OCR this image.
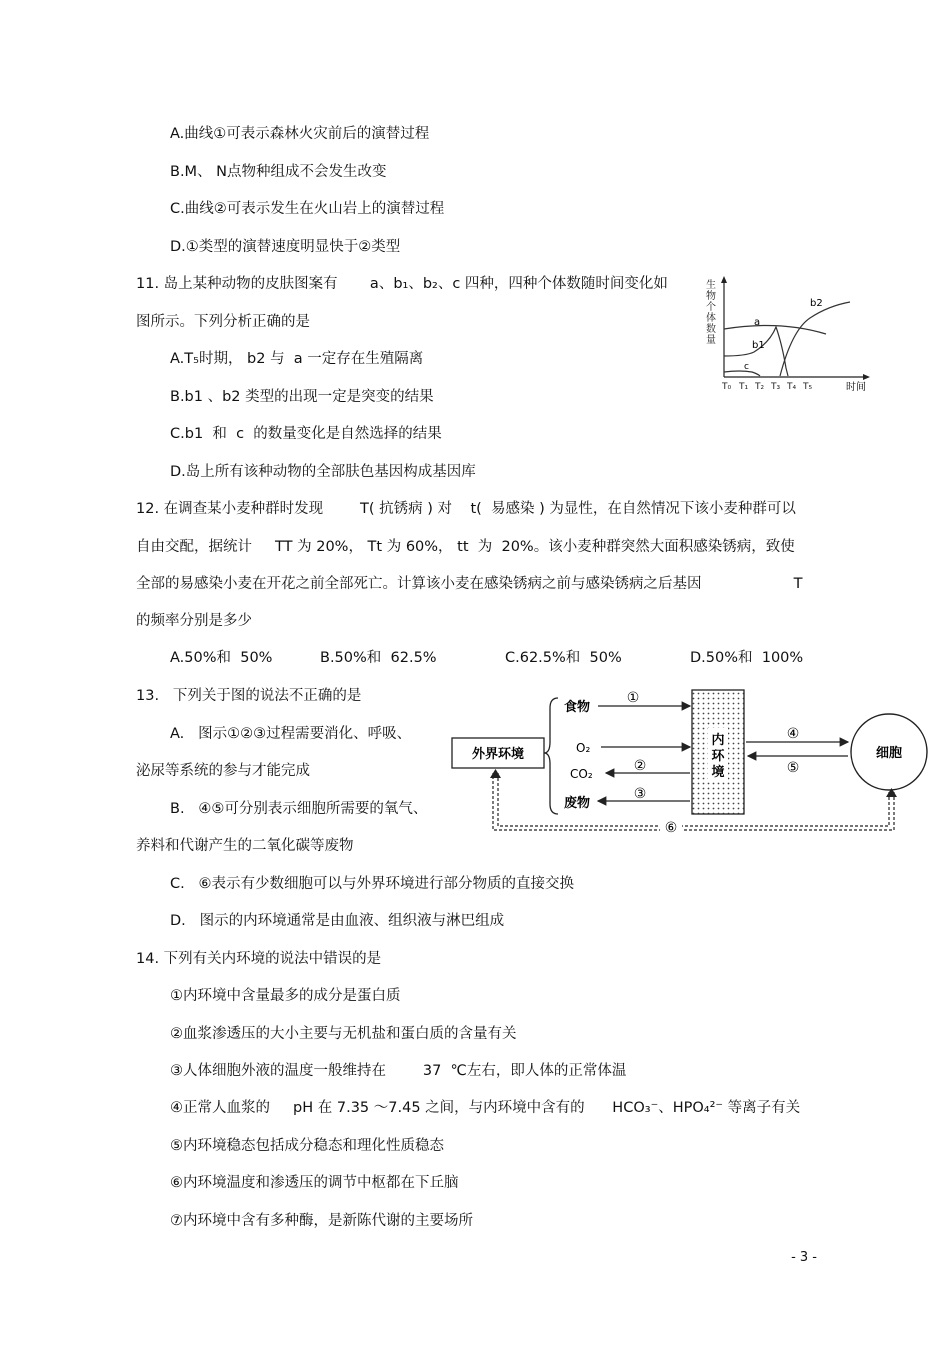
A.曲线①可表示森林火灾前后的演替过程
B.M、 N点物种组成不会发生改变
C.曲线②可表示发生在火山岩上的演替过程
D.①类型的演替速度明显快于②类型
11. 岛上某种动物的皮肤图案有       a、b₁、b₂、c 四种，四种个体数随时间变化如
图所示。下列分析正确的是
A.T₅时期， b2 与  a 一定存在生殖隔离
B.b1 、b2 类型的出现一定是突变的结果
C.b1  和  c  的数量变化是自然选择的结果
D.岛上所有该种动物的全部肤色基因构成基因库
生
物
个
体
数
量
a
b1
b2
c
T₀ T₁ T₂ T₃ T₄ T₅	时间
12. 在调查某小麦种群时发现        T( 抗锈病 ) 对    t(  易感染 ) 为显性，在自然情况下该小麦种群可以
自由交配，据统计     TT 为 20%， Tt 为 60%， tt  为  20%。该小麦种群突然大面积感染锈病，致使
全部的易感染小麦在开花之前全部死亡。计算该小麦在感染锈病之前与感染锈病之后基因                    T
的频率分别是多少
A.50%和  50%	B.50%和  62.5%	C.62.5%和  50%	D.50%和  100%
13.   下列关于图的说法不正确的是
A.   图示①②③过程需要消化、呼吸、
泌尿等系统的参与才能完成
B.   ④⑤可分别表示细胞所需要的氧气、
养料和代谢产生的二氧化碳等废物
C.   ⑥表示有少数细胞可以与外界环境进行部分物质的直接交换
D.   图示的内环境通常是由血液、组织液与淋巴组成
外界环境
食物
O₂
CO₂
废物
①
②
③
内
环
境
④
⑤
细胞
⑥
14. 下列有关内环境的说法中错误的是
①内环境中含量最多的成分是蛋白质
②血浆渗透压的大小主要与无机盐和蛋白质的含量有关
③人体细胞外液的温度一般维持在        37  ℃左右，即人体的正常体温
④正常人血浆的     pH 在 7.35 ～7.45 之间，与内环境中含有的      HCO₃⁻、HPO₄²⁻ 等离子有关
⑤内环境稳态包括成分稳态和理化性质稳态
⑥内环境温度和渗透压的调节中枢都在下丘脑
⑦内环境中含有多种酶，是新陈代谢的主要场所
- 3 -
